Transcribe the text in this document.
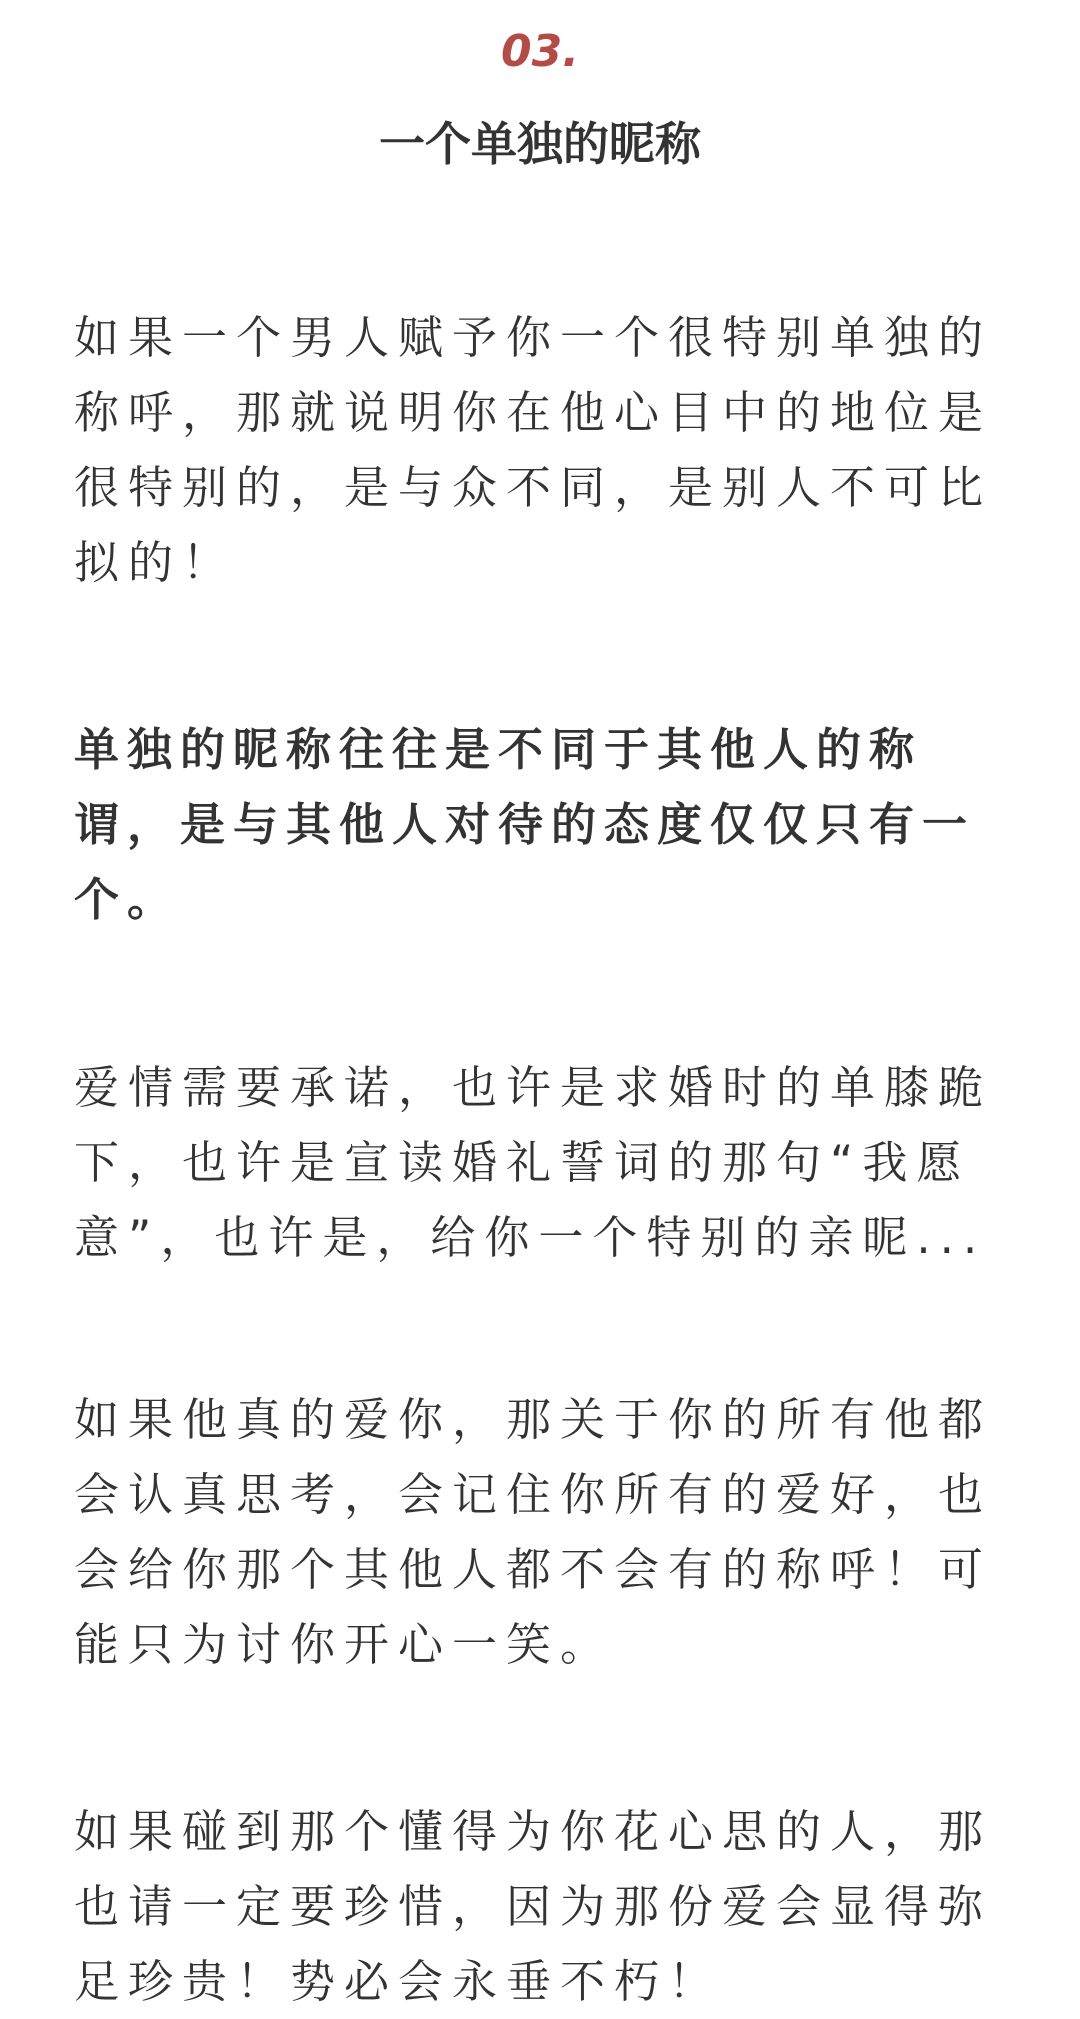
03.
一个单独的昵称

如果一个男人赋予你一个很特别单独的称呼，那就说明你在他心目中的地位是很特别的，是与众不同，是别人不可比拟的！

单独的昵称往往是不同于其他人的称谓，是与其他人对待的态度仅仅只有一个。

爱情需要承诺，也许是求婚时的单膝跪下，也许是宣读婚礼誓词的那句“我愿意”，也许是，给你一个特别的亲昵...

如果他真的爱你，那关于你的所有他都会认真思考，会记住你所有的爱好，也会给你那个其他人都不会有的称呼！可能只为讨你开心一笑。

如果碰到那个懂得为你花心思的人，那也请一定要珍惜，因为那份爱会显得弥足珍贵！势必会永垂不朽！
